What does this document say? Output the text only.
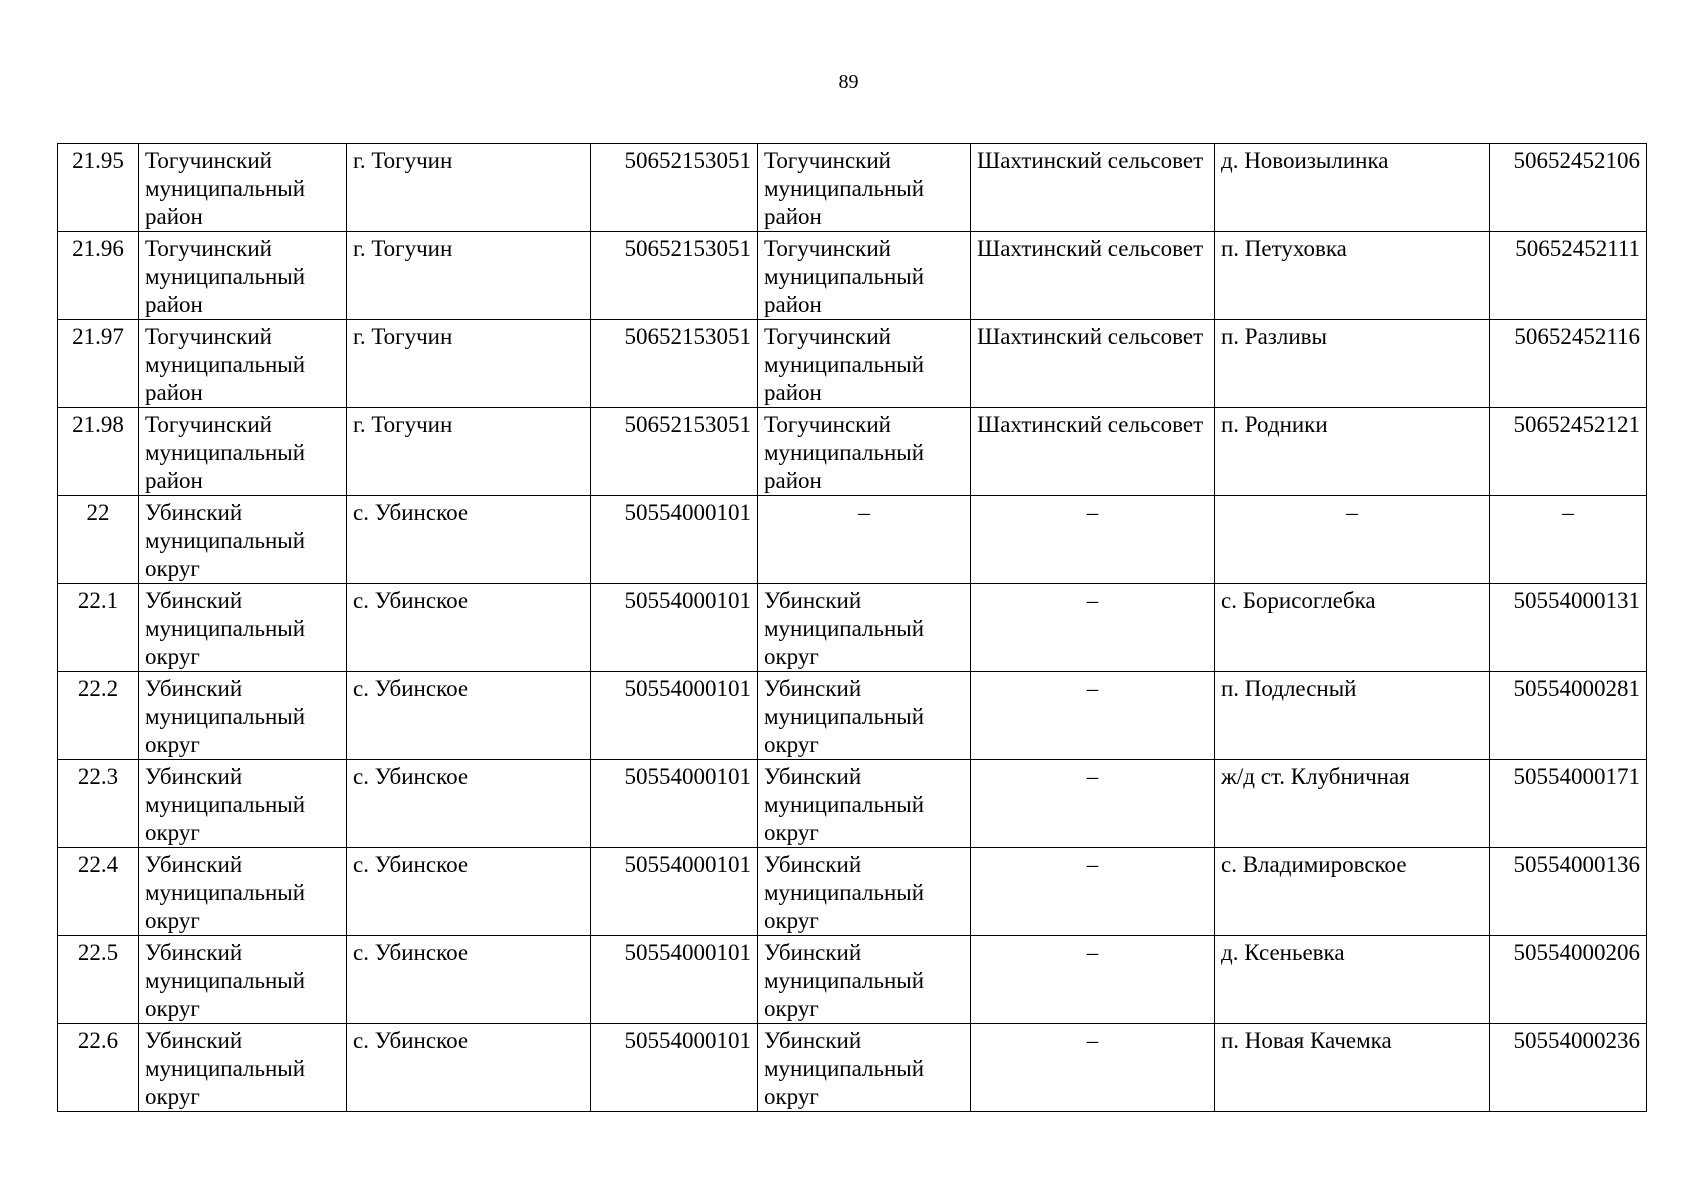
89
21.95	Тогучинский муниципальный район	г. Тогучин	50652153051	Тогучинский муниципальный район	Шахтинский сельсовет	д. Новоизылинка	50652452106
21.96	Тогучинский муниципальный район	г. Тогучин	50652153051	Тогучинский муниципальный район	Шахтинский сельсовет	п. Петуховка	50652452111
21.97	Тогучинский муниципальный район	г. Тогучин	50652153051	Тогучинский муниципальный район	Шахтинский сельсовет	п. Разливы	50652452116
21.98	Тогучинский муниципальный район	г. Тогучин	50652153051	Тогучинский муниципальный район	Шахтинский сельсовет	п. Родники	50652452121
22	Убинский муниципальный округ	с. Убинское	50554000101	–	–	–	–
22.1	Убинский муниципальный округ	с. Убинское	50554000101	Убинский муниципальный округ	–	с. Борисоглебка	50554000131
22.2	Убинский муниципальный округ	с. Убинское	50554000101	Убинский муниципальный округ	–	п. Подлесный	50554000281
22.3	Убинский муниципальный округ	с. Убинское	50554000101	Убинский муниципальный округ	–	ж/д ст. Клубничная	50554000171
22.4	Убинский муниципальный округ	с. Убинское	50554000101	Убинский муниципальный округ	–	с. Владимировское	50554000136
22.5	Убинский муниципальный округ	с. Убинское	50554000101	Убинский муниципальный округ	–	д. Ксеньевка	50554000206
22.6	Убинский муниципальный округ	с. Убинское	50554000101	Убинский муниципальный округ	–	п. Новая Качемка	50554000236
